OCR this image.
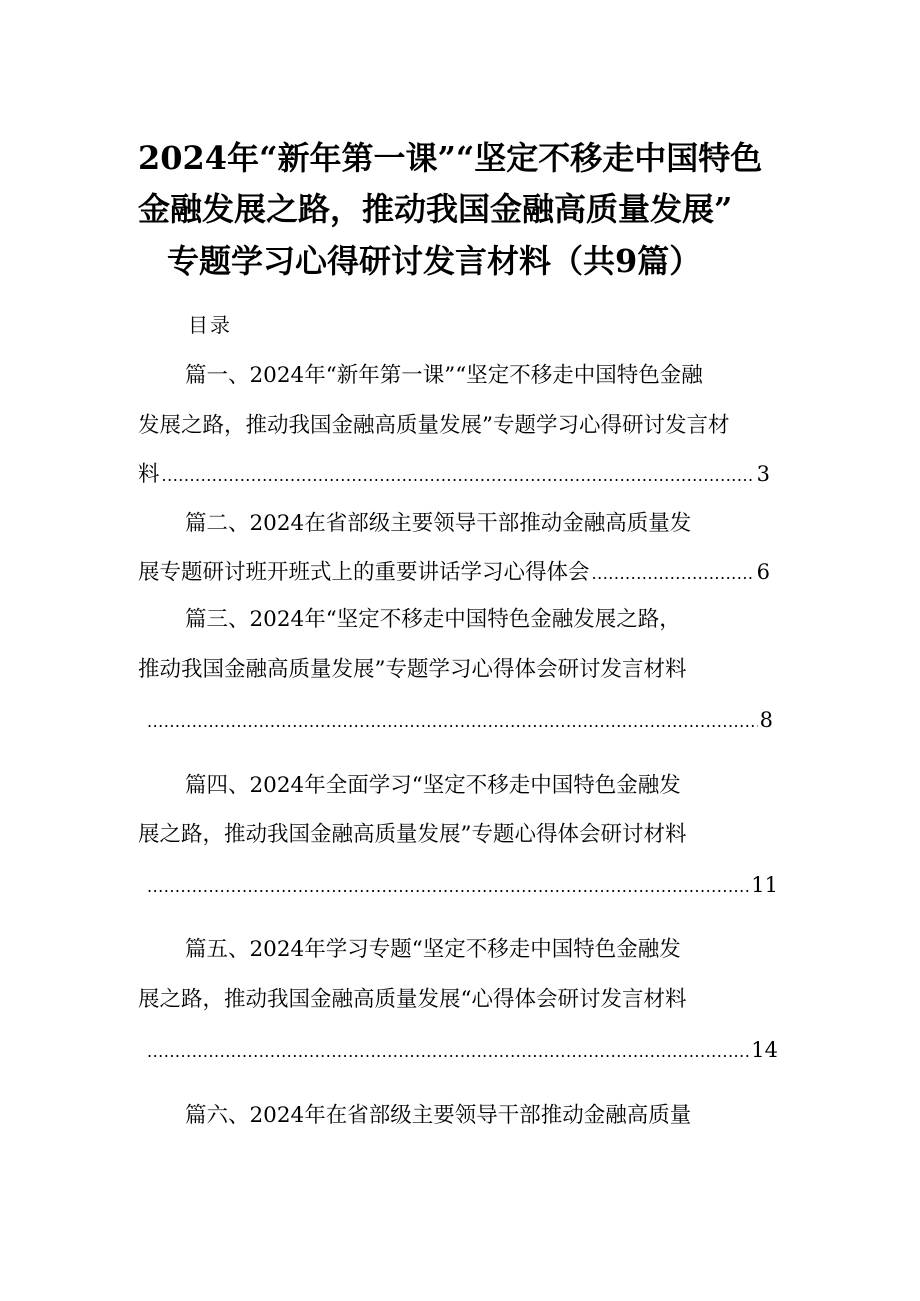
2024年“新年第一课”“坚定不移走中国特色
金融发展之路，推动我国金融高质量发展”
专题学习心得研讨发言材料（共9篇）
目录
篇一、2024年“新年第一课”“坚定不移走中国特色金融
发展之路，推动我国金融高质量发展”专题学习心得研讨发言材
料 .....	3
篇二、2024在省部级主要领导干部推动金融高质量发
展专题研讨班开班式上的重要讲话学习心得体会 .....	6
篇三、2024年“坚定不移走中国特色金融发展之路，
推动我国金融高质量发展”专题学习心得体会研讨发言材料
.....
8
篇四、2024年全面学习“坚定不移走中国特色金融发
展之路，推动我国金融高质量发展”专题心得体会研讨材料
.....
11
篇五、2024年学习专题“坚定不移走中国特色金融发
展之路，推动我国金融高质量发展“心得体会研讨发言材料
.....
14
篇六、2024年在省部级主要领导干部推动金融高质量
